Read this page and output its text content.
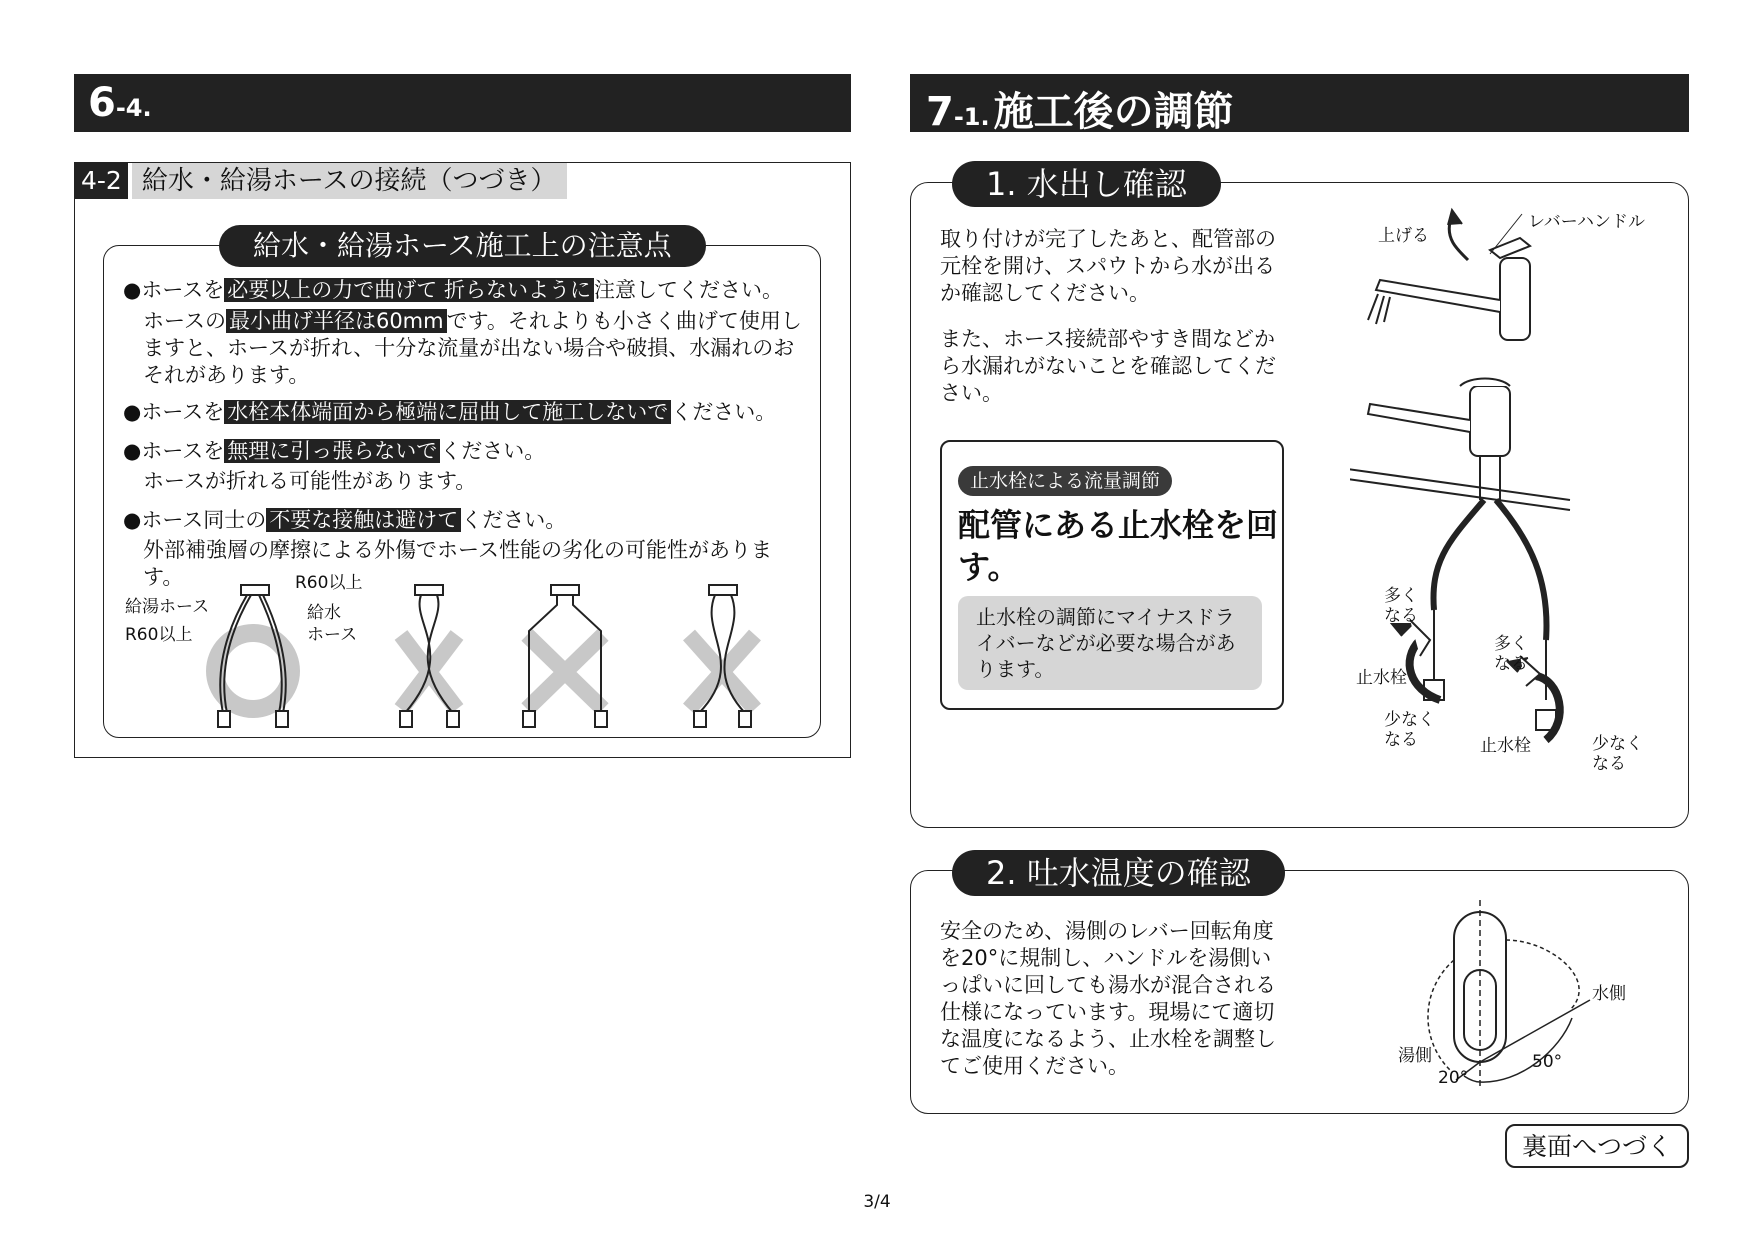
6-4.
4-2 給水・給湯ホースの接続（つづき）
給水・給湯ホース施工上の注意点

●ホースを 必要以上の力で曲げて 折らないように 注意してください。

ホースの 最小曲げ半径は60mm です。それよりも小さく曲げて使用しますと、ホースが折れ、十分な流量が出ない場合や破損、水漏れのおそれがあります。

●ホースを 水栓本体端面から極端に屈曲して施工しないで ください。

●ホースを 無理に引っ張らないで ください。

ホースが折れる可能性があります。

●ホース同士の 不要な接触は避けて ください。

外部補強層の摩擦による外傷でホース性能の劣化の可能性があります。

給湯ホース
R60以上
R60以上
給水
ホース
7-1. 施工後の調節
1. 水出し確認

取り付けが完了したあと、配管部の元栓を開け、スパウトから水が出るか確認してください。

また、ホース接続部やすき間などから水漏れがないことを確認してください。

止水栓による流量調節
配管にある止水栓を回す。
止水栓の調節にマイナスドライバーなどが必要な場合があります。
上げる
レバーハンドル
多く
なる
止水栓
少なく
なる
多く
なる
止水栓	少なく
なる
2. 吐水温度の確認

安全のため、湯側のレバー回転角度を20°に規制し、ハンドルを湯側いっぱいに回しても湯水が混合される仕様になっています。現場にて適切な温度になるよう、止水栓を調整してご使用ください。

水側
湯側
20°
50°
裏面へつづく
3/4
